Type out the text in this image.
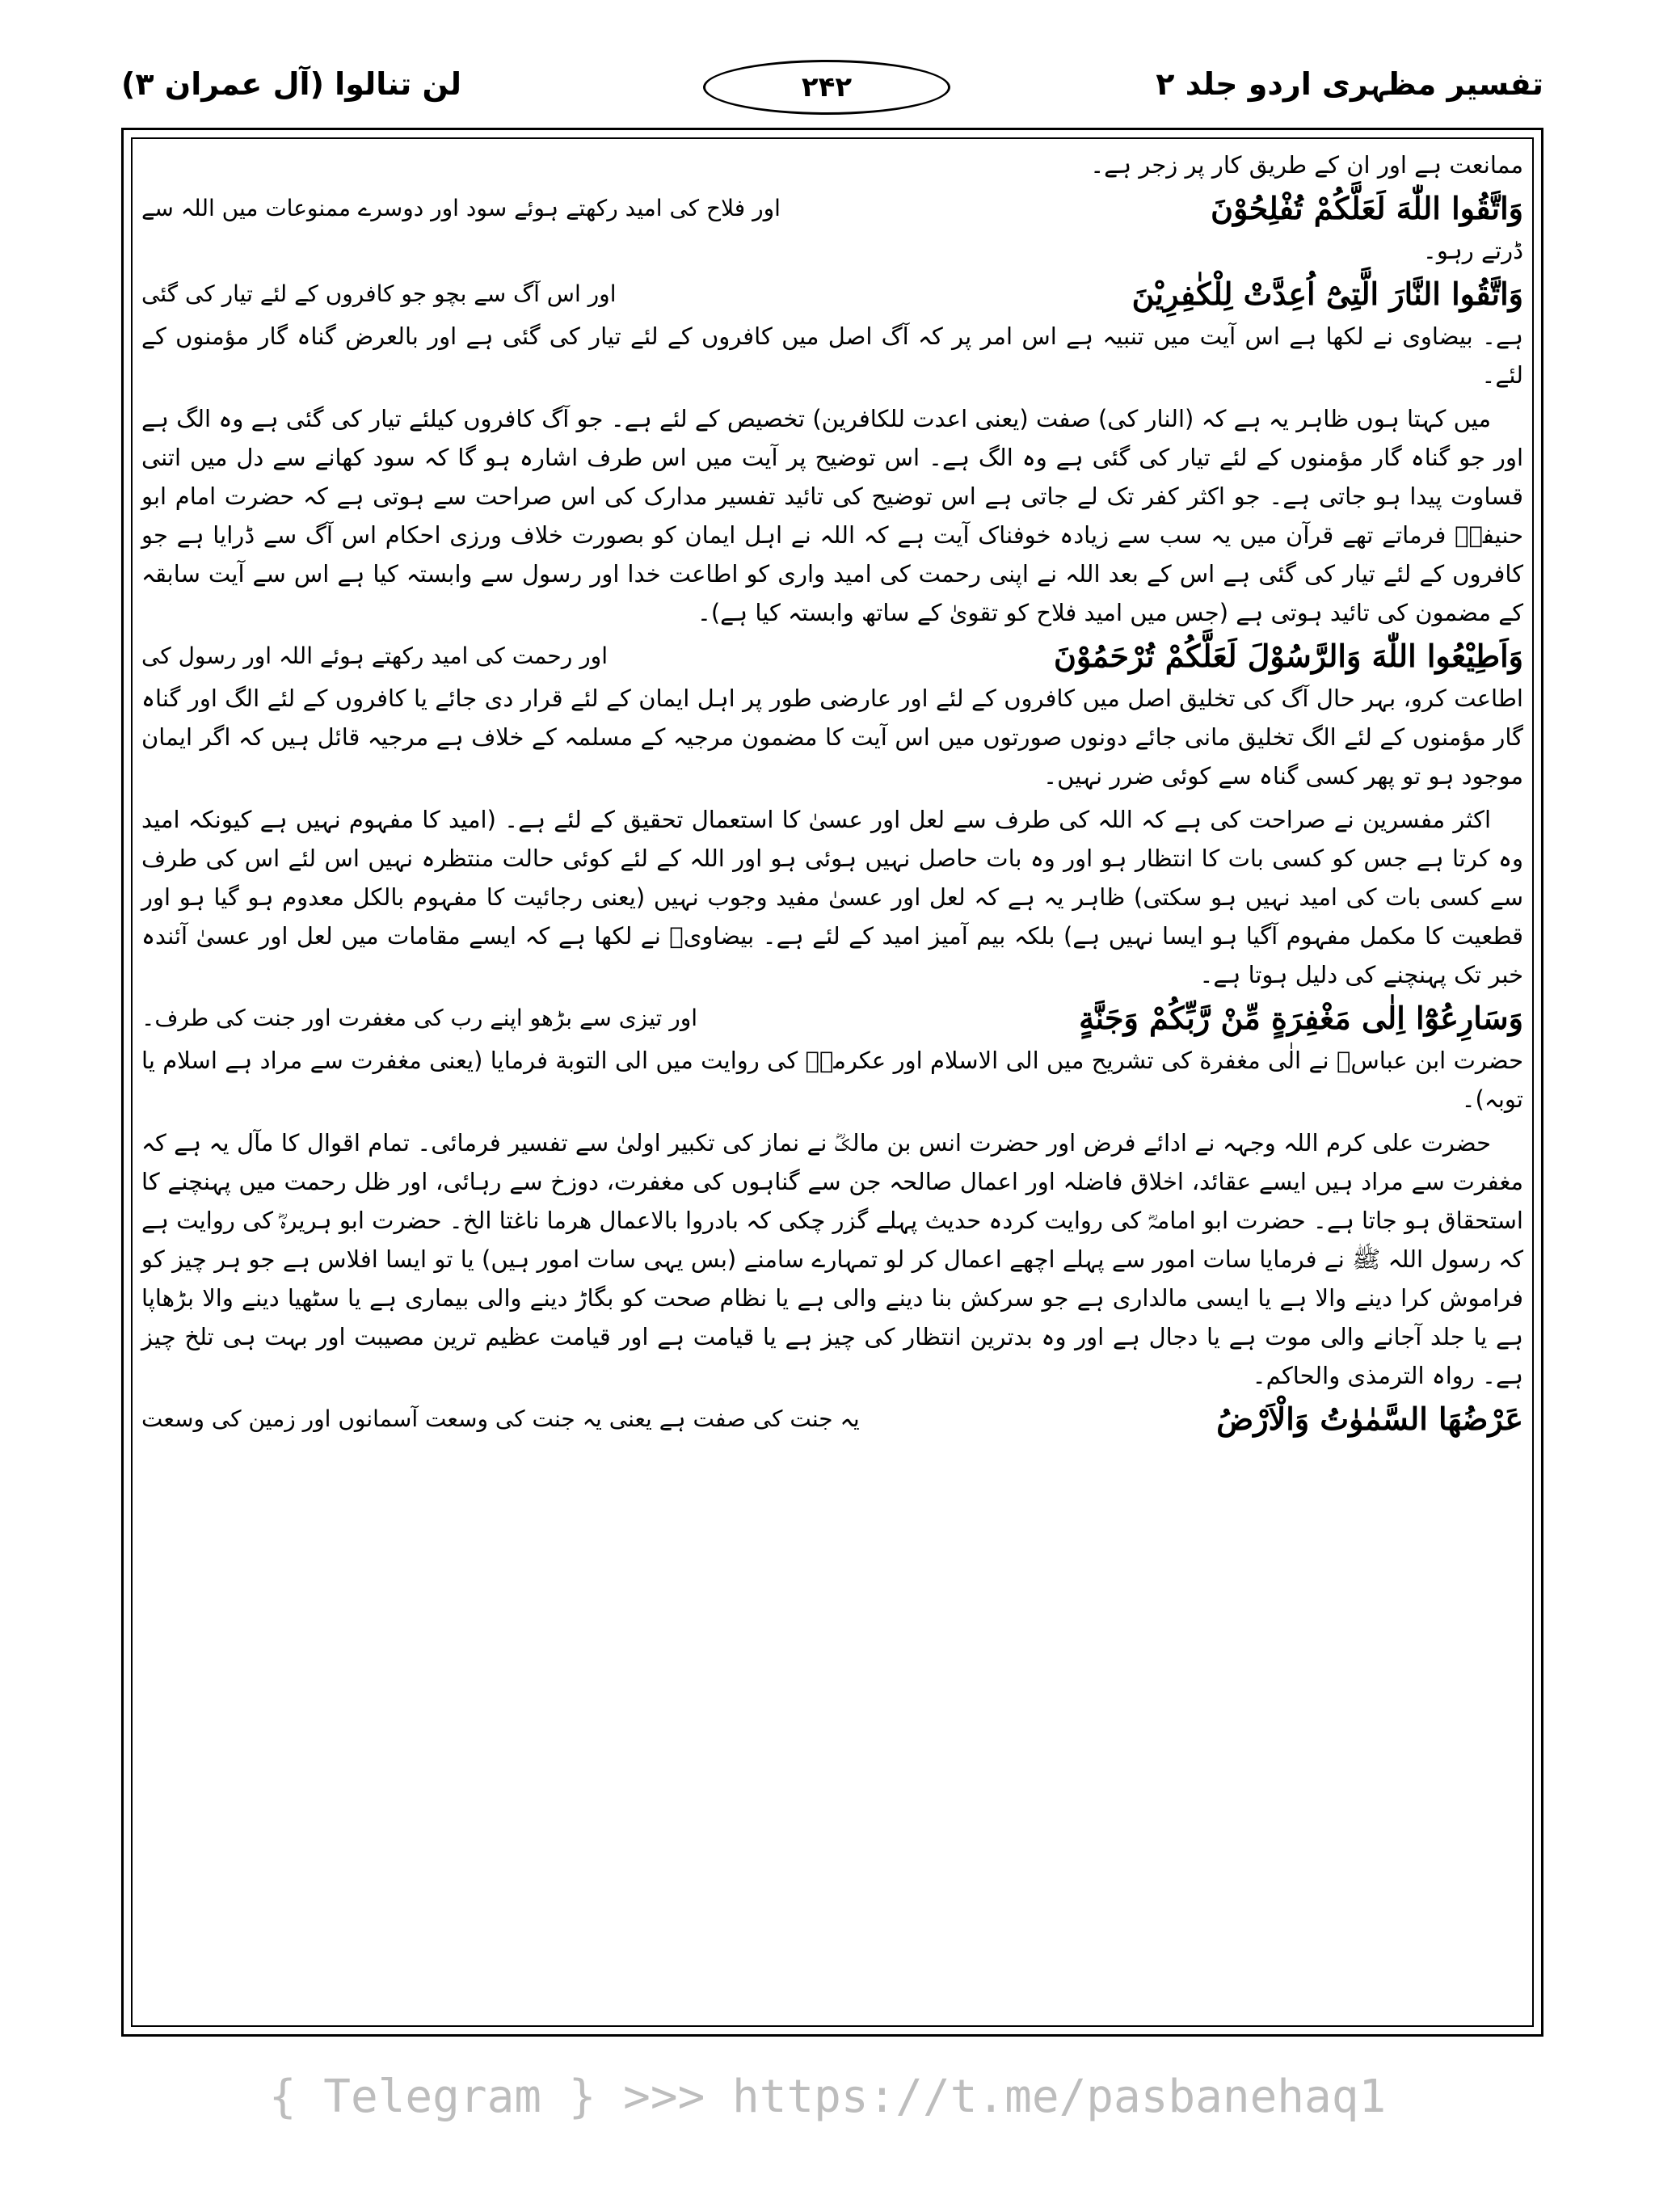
تفسیر مظہری اردو جلد ۲
۲۴۲
لن تنالوا (آل عمران ۳)

ممانعت ہے اور ان کے طریق کار پر زجر ہے۔

وَاتَّقُوا اللّٰهَ لَعَلَّكُمْ تُفْلِحُوْنَ
اور فلاح کی امید رکھتے ہوئے سود اور دوسرے ممنوعات میں اللہ سے

ڈرتے رہو۔

وَاتَّقُوا النَّارَ الَّتِیْٓ اُعِدَّتْ لِلْكٰفِرِیْنَ
اور اس آگ سے بچو جو کافروں کے لئے تیار کی گئی

ہے۔ بیضاوی نے لکھا ہے اس آیت میں تنبیہ ہے اس امر پر کہ آگ اصل میں کافروں کے لئے تیار کی گئی ہے اور بالعرض گناہ گار مؤمنوں کے لئے۔

میں کہتا ہوں ظاہر یہ ہے کہ (النار کی) صفت (یعنی اعدت للکافرین) تخصیص کے لئے ہے۔ جو آگ کافروں کیلئے تیار کی گئی ہے وہ الگ ہے اور جو گناہ گار مؤمنوں کے لئے تیار کی گئی ہے وہ الگ ہے۔ اس توضیح پر آیت میں اس طرف اشارہ ہو گا کہ سود کھانے سے دل میں اتنی قساوت پیدا ہو جاتی ہے۔ جو اکثر کفر تک لے جاتی ہے اس توضیح کی تائید تفسیر مدارک کی اس صراحت سے ہوتی ہے کہ حضرت امام ابو حنیفہؒ فرماتے تھے قرآن میں یہ سب سے زیادہ خوفناک آیت ہے کہ اللہ نے اہل ایمان کو بصورت خلاف ورزی احکام اس آگ سے ڈرایا ہے جو کافروں کے لئے تیار کی گئی ہے اس کے بعد اللہ نے اپنی رحمت کی امید واری کو اطاعت خدا اور رسول سے وابستہ کیا ہے اس سے آیت سابقہ کے مضمون کی تائید ہوتی ہے (جس میں امید فلاح کو تقویٰ کے ساتھ وابستہ کیا ہے)۔

وَاَطِیْعُوا اللّٰهَ وَالرَّسُوْلَ لَعَلَّكُمْ تُرْحَمُوْنَ
اور رحمت کی امید رکھتے ہوئے اللہ اور رسول کی

اطاعت کرو، بہر حال آگ کی تخلیق اصل میں کافروں کے لئے اور عارضی طور پر اہل ایمان کے لئے قرار دی جائے یا کافروں کے لئے الگ اور گناہ گار مؤمنوں کے لئے الگ تخلیق مانی جائے دونوں صورتوں میں اس آیت کا مضمون مرجیہ کے مسلمہ کے خلاف ہے مرجیہ قائل ہیں کہ اگر ایمان موجود ہو تو پھر کسی گناہ سے کوئی ضرر نہیں۔

اکثر مفسرین نے صراحت کی ہے کہ اللہ کی طرف سے لعل اور عسیٰ کا استعمال تحقیق کے لئے ہے۔ (امید کا مفہوم نہیں ہے کیونکہ امید وہ کرتا ہے جس کو کسی بات کا انتظار ہو اور وہ بات حاصل نہیں ہوئی ہو اور اللہ کے لئے کوئی حالت منتظرہ نہیں اس لئے اس کی طرف سے کسی بات کی امید نہیں ہو سکتی) ظاہر یہ ہے کہ لعل اور عسیٰ مفید وجوب نہیں (یعنی رجائیت کا مفہوم بالکل معدوم ہو گیا ہو اور قطعیت کا مکمل مفہوم آگیا ہو ایسا نہیں ہے) بلکہ بیم آمیز امید کے لئے ہے۔ بیضاویؒ نے لکھا ہے کہ ایسے مقامات میں لعل اور عسیٰ آئندہ خبر تک پہنچنے کی دلیل ہوتا ہے۔

وَسَارِعُوْٓا اِلٰى مَغْفِرَةٍ مِّنْ رَّبِّكُمْ وَجَنَّةٍ
اور تیزی سے بڑھو اپنے رب کی مغفرت اور جنت کی طرف۔

حضرت ابن عباسؓ نے الٰی مغفرة کی تشریح میں الی الاسلام اور عکرمہؓ کی روایت میں الی التوبة فرمایا (یعنی مغفرت سے مراد ہے اسلام یا توبہ)۔

حضرت علی کرم اللہ وجہہ نے ادائے فرض اور حضرت انس بن مالکؓ نے نماز کی تکبیر اولیٰ سے تفسیر فرمائی۔ تمام اقوال کا مآل یہ ہے کہ مغفرت سے مراد ہیں ایسے عقائد، اخلاق فاضلہ اور اعمال صالحہ جن سے گناہوں کی مغفرت، دوزخ سے رہائی، اور ظل رحمت میں پہنچنے کا استحقاق ہو جاتا ہے۔ حضرت ابو امامہؓ کی روایت کردہ حدیث پہلے گزر چکی کہ بادروا بالاعمال ھرما ناغتا الخ۔ حضرت ابو ہریرہؓ کی روایت ہے کہ رسول اللہ ﷺ نے فرمایا سات امور سے پہلے اچھے اعمال کر لو تمہارے سامنے (بس یہی سات امور ہیں) یا تو ایسا افلاس ہے جو ہر چیز کو فراموش کرا دینے والا ہے یا ایسی مالداری ہے جو سرکش بنا دینے والی ہے یا نظام صحت کو بگاڑ دینے والی بیماری ہے یا سٹھیا دینے والا بڑھاپا ہے یا جلد آجانے والی موت ہے یا دجال ہے اور وہ بدترین انتظار کی چیز ہے یا قیامت ہے اور قیامت عظیم ترین مصیبت اور بہت ہی تلخ چیز ہے۔ رواہ الترمذی والحاکم۔

عَرْضُهَا السَّمٰوٰتُ وَالْاَرْضُ
یہ جنت کی صفت ہے یعنی یہ جنت کی وسعت آسمانوں اور زمین کی وسعت
{ Telegram } >>> https://t.me/pasbanehaq1
